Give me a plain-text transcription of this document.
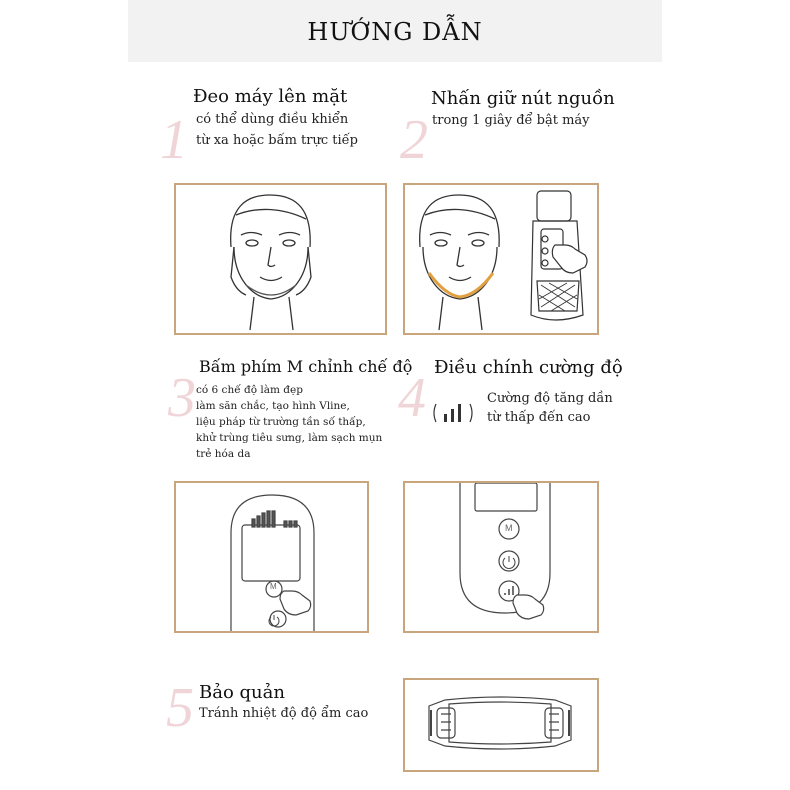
HƯỚNG DẪN
1
Đeo máy lên mặt
có thể dùng điều khiển
từ xa hoặc bấm trực tiếp 2
Nhấn giữ nút nguồn
trong 1 giây để bật máy
3
Bấm phím M chỉnh chế độ
có 6 chế độ làm đẹp
làm săn chắc, tạo hình Vline,
liệu pháp từ trường tần số thấp,
khử trùng tiêu sưng, làm sạch mụn
trẻ hóa da
M
4 Điều chính cường độ
Cường độ tăng dần
từ thấp đến cao
M
5 Bảo quản
Tránh nhiệt độ độ ẩm cao
